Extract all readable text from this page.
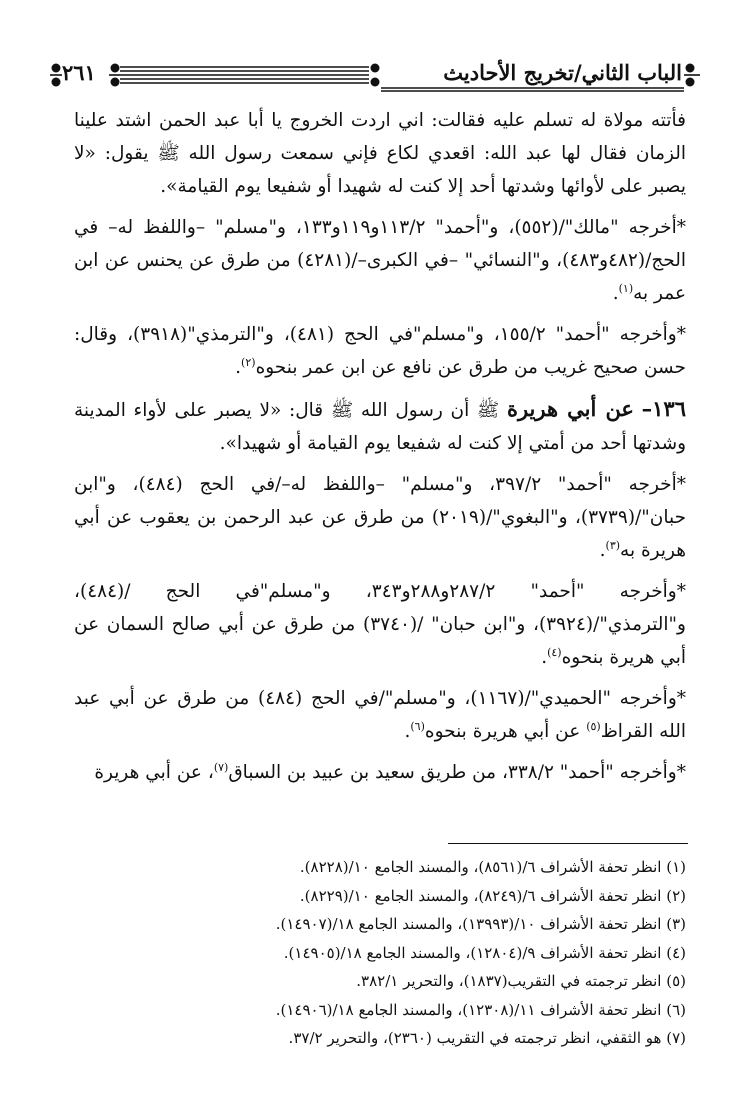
٢٦١	الباب الثاني/تخريج الأحاديث

فأتته مولاة له تسلم عليه فقالت: اني اردت الخروج يا أبا عبد الحمن اشتد علينا الزمان فقال لها عبد الله: اقعدي لكاع فإني سمعت رسول الله ﷺ يقول: «لا يصبر على لأوائها وشدتها أحد إلا كنت له شهيدا أو شفيعا يوم القيامة».

*أخرجه "مالك"/(٥٥٢)، و"أحمد" ١١٣/٢و١١٩و١٣٣، و"مسلم" –واللفظ له– في الحج/(٤٨٢و٤٨٣)، و"النسائي" –في الكبرى–/(٤٢٨١) من طرق عن يحنس عن ابن عمر به$^{(١)}$.

*وأخرجه "أحمد" ١٥٥/٢، و"مسلم"في الحج (٤٨١)، و"الترمذي"(٣٩١٨)، وقال: حسن صحيح غريب من طرق عن نافع عن ابن عمر بنحوه$^{(٢)}$.

١٣٦– عن أبي هريرة ﷺ أن رسول الله ﷺ قال: «لا يصبر على لأواء المدينة وشدتها أحد من أمتي إلا كنت له شفيعا يوم القيامة أو شهيدا».

*أخرجه "أحمد" ٣٩٧/٢، و"مسلم" –واللفظ له–/في الحج (٤٨٤)، و"ابن حبان"/(٣٧٣٩)، و"البغوي"/(٢٠١٩) من طرق عن عبد الرحمن بن يعقوب عن أبي هريرة به$^{(٣)}$.

*وأخرجه "أحمد" ٢٨٧/٢و٢٨٨و٣٤٣، و"مسلم"في الحج /(٤٨٤)، و"الترمذي"/(٣٩٢٤)، و"ابن حبان" /(٣٧٤٠) من طرق عن أبي صالح السمان عن أبي هريرة بنحوه$^{(٤)}$.

*وأخرجه "الحميدي"/(١١٦٧)، و"مسلم"/في الحج (٤٨٤) من طرق عن أبي عبد الله القراظ$^{(٥)}$ عن أبي هريرة بنحوه$^{(٦)}$.

*وأخرجه "أحمد" ٣٣٨/٢، من طريق سعيد بن عبيد بن السباق$^{(٧)}$، عن أبي هريرة

(١) انظر تحفة الأشراف ٦/(٨٥٦١)، والمسند الجامع ١٠/(٨٢٢٨).
(٢) انظر تحفة الأشراف ٦/(٨٢٤٩)، والمسند الجامع ١٠/(٨٢٢٩).
(٣) انظر تحفة الأشراف ١٠/(١٣٩٩٣)، والمسند الجامع ١٨/(١٤٩٠٧).
(٤) انظر تحفة الأشراف ٩/(١٢٨٠٤)، والمسند الجامع ١٨/(١٤٩٠٥).
(٥) انظر ترجمته في التقريب(١٨٣٧)، والتحرير ٣٨٢/١.
(٦) انظر تحفة الأشراف ١١/(١٢٣٠٨)، والمسند الجامع ١٨/(١٤٩٠٦).
(٧) هو الثقفي، انظر ترجمته في التقريب (٢٣٦٠)، والتحرير ٣٧/٢.
